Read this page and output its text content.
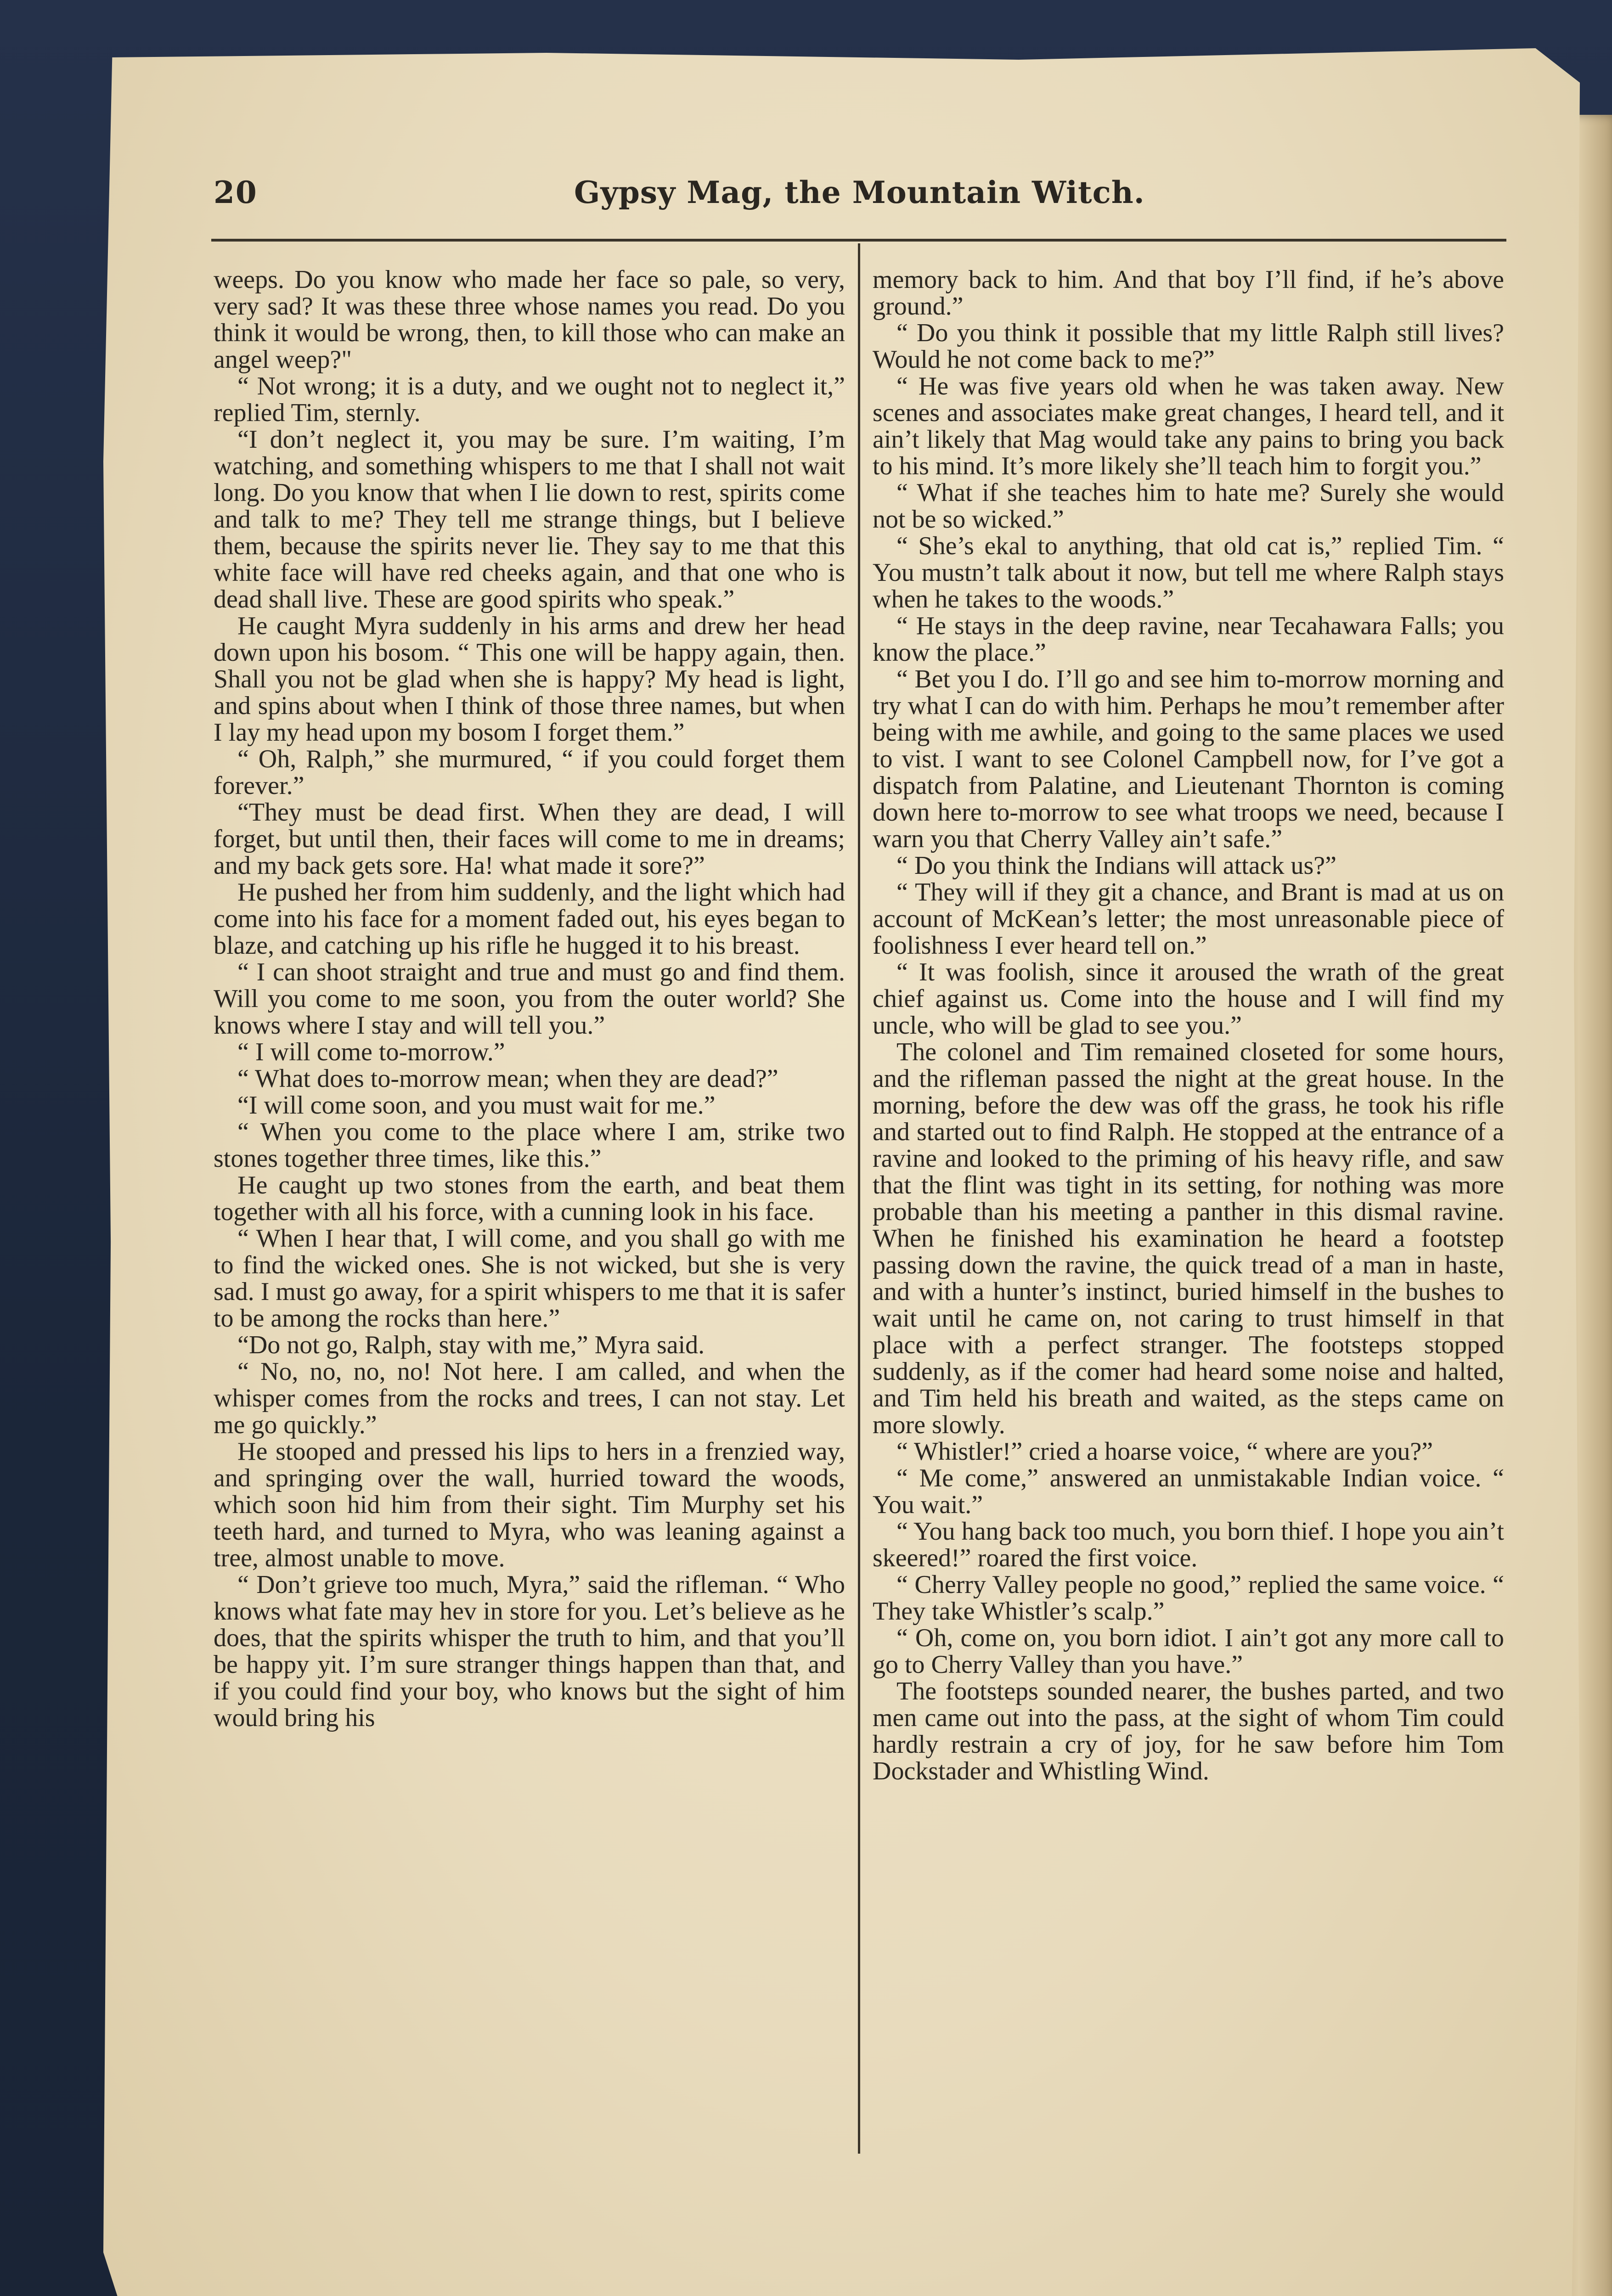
20	Gypsy Mag, the Mountain Witch.

weeps. Do you know who made her face so pale, so very, very sad? It was these three whose names you read. Do you think it would be wrong, then, to kill those who can make an angel weep?"

“ Not wrong; it is a duty, and we ought not to neglect it,” replied Tim, sternly.

“I don’t neglect it, you may be sure. I’m waiting, I’m watching, and something whispers to me that I shall not wait long. Do you know that when I lie down to rest, spirits come and talk to me? They tell me strange things, but I believe them, because the spirits never lie. They say to me that this white face will have red cheeks again, and that one who is dead shall live. These are good spirits who speak.”

He caught Myra suddenly in his arms and drew her head down upon his bosom. “ This one will be happy again, then. Shall you not be glad when she is happy? My head is light, and spins about when I think of those three names, but when I lay my head upon my bosom I forget them.”

“ Oh, Ralph,” she murmured, “ if you could forget them forever.”

“They must be dead first. When they are dead, I will forget, but until then, their faces will come to me in dreams; and my back gets sore. Ha! what made it sore?”

He pushed her from him suddenly, and the light which had come into his face for a moment faded out, his eyes began to blaze, and catching up his rifle he hugged it to his breast.

“ I can shoot straight and true and must go and find them. Will you come to me soon, you from the outer world? She knows where I stay and will tell you.”

“ I will come to-morrow.”

“ What does to-morrow mean; when they are dead?”

“I will come soon, and you must wait for me.”

“ When you come to the place where I am, strike two stones together three times, like this.”

He caught up two stones from the earth, and beat them together with all his force, with a cunning look in his face.

“ When I hear that, I will come, and you shall go with me to find the wicked ones. She is not wicked, but she is very sad. I must go away, for a spirit whispers to me that it is safer to be among the rocks than here.”

“Do not go, Ralph, stay with me,” Myra said.

“ No, no, no, no! Not here. I am called, and when the whisper comes from the rocks and trees, I can not stay. Let me go quickly.”

He stooped and pressed his lips to hers in a frenzied way, and springing over the wall, hurried toward the woods, which soon hid him from their sight. Tim Murphy set his teeth hard, and turned to Myra, who was leaning against a tree, almost unable to move.

“ Don’t grieve too much, Myra,” said the rifleman. “ Who knows what fate may hev in store for you. Let’s believe as he does, that the spirits whisper the truth to him, and that you’ll be happy yit. I’m sure stranger things happen than that, and if you could find your boy, who knows but the sight of him would bring his

memory back to him. And that boy I’ll find, if he’s above ground.”

“ Do you think it possible that my little Ralph still lives? Would he not come back to me?”

“ He was five years old when he was taken away. New scenes and associates make great changes, I heard tell, and it ain’t likely that Mag would take any pains to bring you back to his mind. It’s more likely she’ll teach him to forgit you.”

“ What if she teaches him to hate me? Surely she would not be so wicked.”

“ She’s ekal to anything, that old cat is,” replied Tim. “ You mustn’t talk about it now, but tell me where Ralph stays when he takes to the woods.”

“ He stays in the deep ravine, near Tecahawara Falls; you know the place.”

“ Bet you I do. I’ll go and see him to-morrow morning and try what I can do with him. Perhaps he mou’t remember after being with me awhile, and going to the same places we used to vist. I want to see Colonel Campbell now, for I’ve got a dispatch from Palatine, and Lieutenant Thornton is coming down here to-morrow to see what troops we need, because I warn you that Cherry Valley ain’t safe.”

“ Do you think the Indians will attack us?”

“ They will if they git a chance, and Brant is mad at us on account of McKean’s letter; the most unreasonable piece of foolishness I ever heard tell on.”

“ It was foolish, since it aroused the wrath of the great chief against us. Come into the house and I will find my uncle, who will be glad to see you.”

The colonel and Tim remained closeted for some hours, and the rifleman passed the night at the great house. In the morning, before the dew was off the grass, he took his rifle and started out to find Ralph. He stopped at the entrance of a ravine and looked to the priming of his heavy rifle, and saw that the flint was tight in its setting, for nothing was more probable than his meeting a panther in this dismal ravine. When he finished his examination he heard a footstep passing down the ravine, the quick tread of a man in haste, and with a hunter’s instinct, buried himself in the bushes to wait until he came on, not caring to trust himself in that place with a perfect stranger. The footsteps stopped suddenly, as if the comer had heard some noise and halted, and Tim held his breath and waited, as the steps came on more slowly.

“ Whistler!” cried a hoarse voice, “ where are you?”

“ Me come,” answered an unmistakable Indian voice. “ You wait.”

“ You hang back too much, you born thief. I hope you ain’t skeered!” roared the first voice.

“ Cherry Valley people no good,” replied the same voice. “ They take Whistler’s scalp.”

“ Oh, come on, you born idiot. I ain’t got any more call to go to Cherry Valley than you have.”

The footsteps sounded nearer, the bushes parted, and two men came out into the pass, at the sight of whom Tim could hardly restrain a cry of joy, for he saw before him Tom Dockstader and Whistling Wind.
